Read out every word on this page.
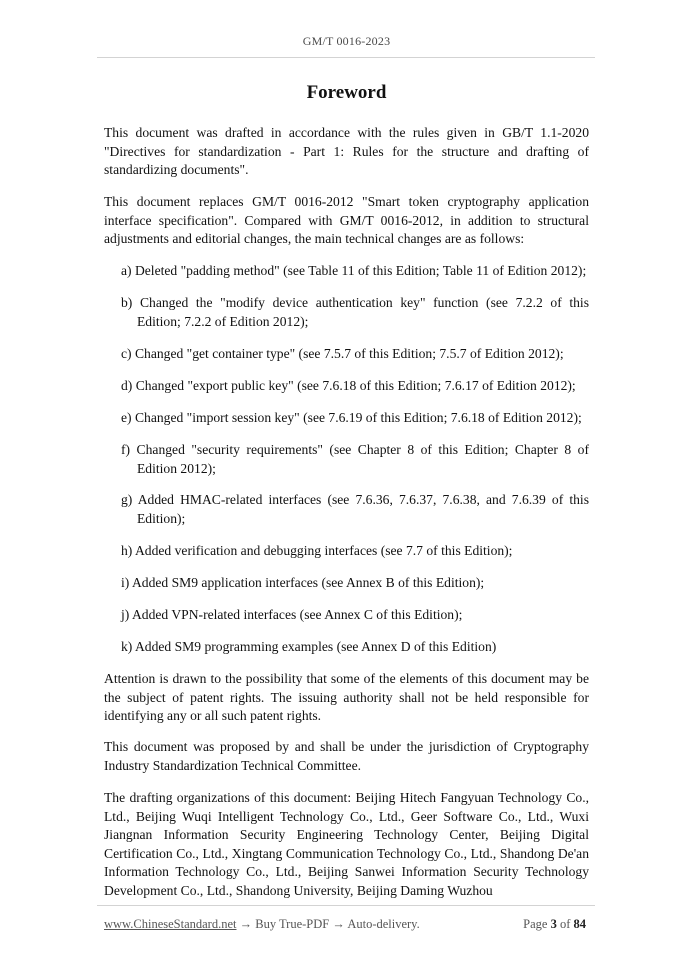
GM/T 0016-2023
Foreword

This document was drafted in accordance with the rules given in GB/T 1.1-2020 "Directives for standardization - Part 1: Rules for the structure and drafting of standardizing documents".

This document replaces GM/T 0016-2012 "Smart token cryptography application interface specification". Compared with GM/T 0016-2012, in addition to structural adjustments and editorial changes, the main technical changes are as follows:

a) Deleted "padding method" (see Table 11 of this Edition; Table 11 of Edition 2012);

b) Changed the "modify device authentication key" function (see 7.2.2 of this Edition; 7.2.2 of Edition 2012);

c) Changed "get container type" (see 7.5.7 of this Edition; 7.5.7 of Edition 2012);

d) Changed "export public key" (see 7.6.18 of this Edition; 7.6.17 of Edition 2012);

e) Changed "import session key" (see 7.6.19 of this Edition; 7.6.18 of Edition 2012);

f) Changed "security requirements" (see Chapter 8 of this Edition; Chapter 8 of Edition 2012);

g) Added HMAC-related interfaces (see 7.6.36, 7.6.37, 7.6.38, and 7.6.39 of this Edition);

h) Added verification and debugging interfaces (see 7.7 of this Edition);

i) Added SM9 application interfaces (see Annex B of this Edition);

j) Added VPN-related interfaces (see Annex C of this Edition);

k) Added SM9 programming examples (see Annex D of this Edition)

Attention is drawn to the possibility that some of the elements of this document may be the subject of patent rights. The issuing authority shall not be held responsible for identifying any or all such patent rights.

This document was proposed by and shall be under the jurisdiction of Cryptography Industry Standardization Technical Committee.

The drafting organizations of this document: Beijing Hitech Fangyuan Technology Co., Ltd., Beijing Wuqi Intelligent Technology Co., Ltd., Geer Software Co., Ltd., Wuxi Jiangnan Information Security Engineering Technology Center, Beijing Digital Certification Co., Ltd., Xingtang Communication Technology Co., Ltd., Shandong De'an Information Technology Co., Ltd., Beijing Sanwei Information Security Technology Development Co., Ltd., Shandong University, Beijing Daming Wuzhou

www.ChineseStandard.net → Buy True-PDF → Auto-delivery.	Page 3 of 84
